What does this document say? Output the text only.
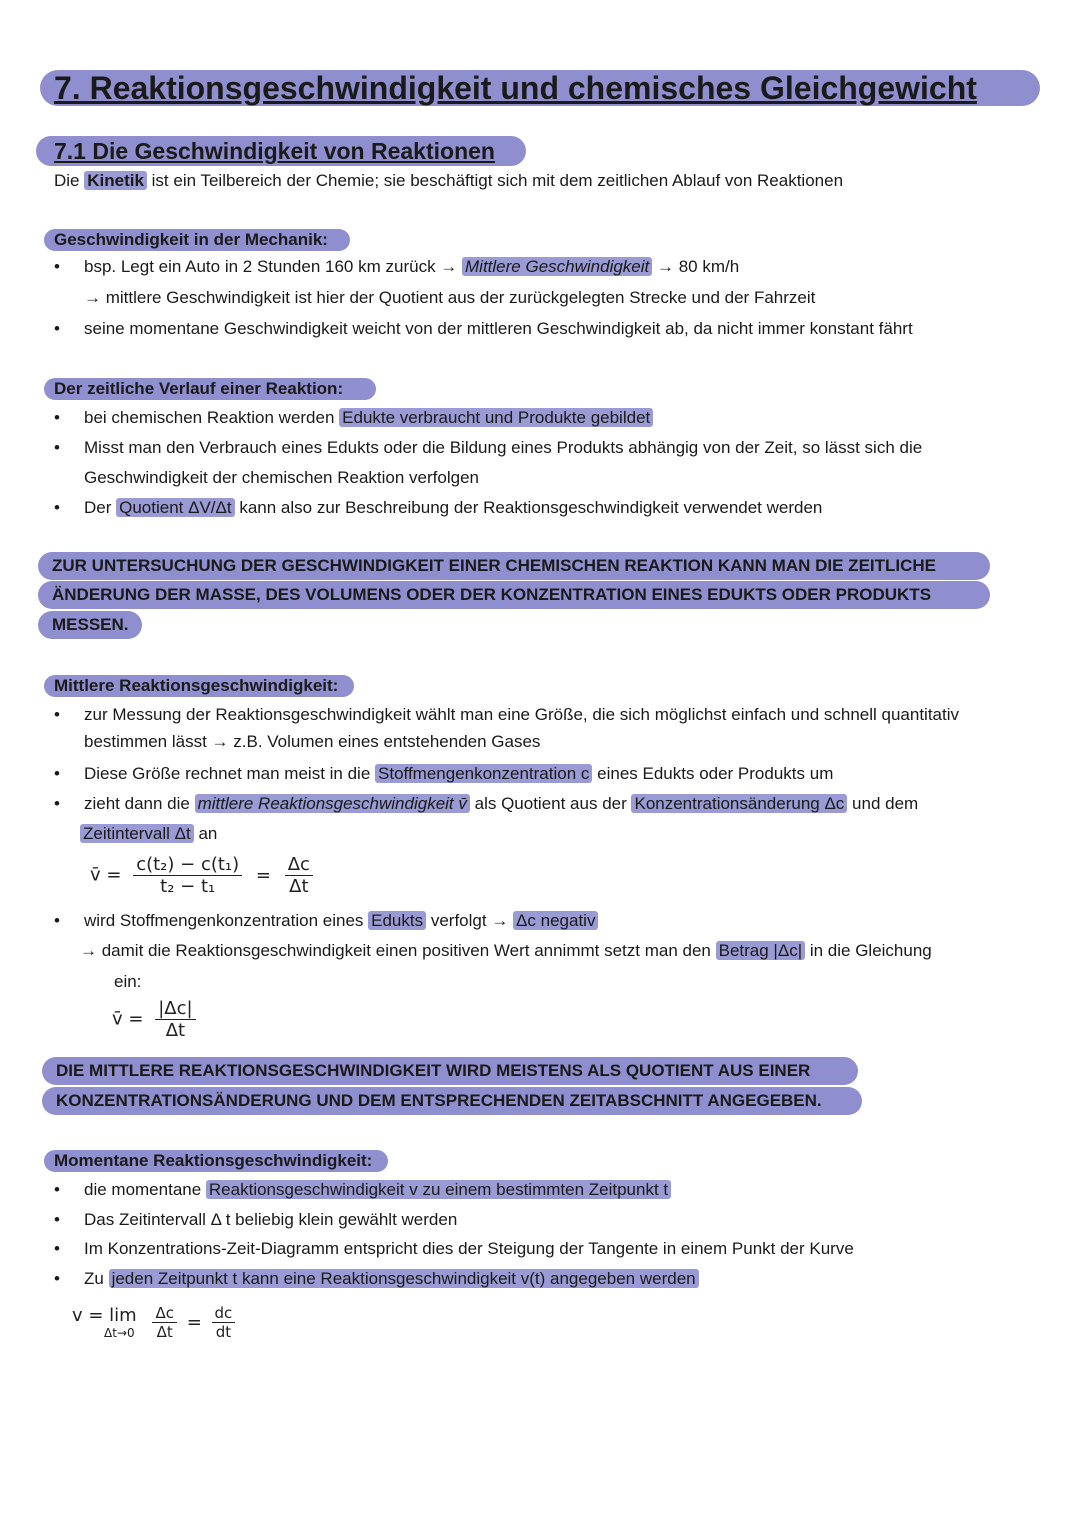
7. Reaktionsgeschwindigkeit und chemisches Gleichgewicht
7.1 Die Geschwindigkeit von Reaktionen
Die Kinetik ist ein Teilbereich der Chemie; sie beschäftigt sich mit dem zeitlichen Ablauf von Reaktionen
Geschwindigkeit in der Mechanik:
• bsp. Legt ein Auto in 2 Stunden 160 km zurück → Mittlere Geschwindigkeit → 80 km/h
→ mittlere Geschwindigkeit ist hier der Quotient aus der zurückgelegten Strecke und der Fahrzeit
• seine momentane Geschwindigkeit weicht von der mittleren Geschwindigkeit ab, da nicht immer konstant fährt
Der zeitliche Verlauf einer Reaktion:
• bei chemischen Reaktion werden Edukte verbraucht und Produkte gebildet
• Misst man den Verbrauch eines Edukts oder die Bildung eines Produkts abhängig von der Zeit, so lässt sich die
Geschwindigkeit der chemischen Reaktion verfolgen
• Der Quotient ΔV/Δt kann also zur Beschreibung der Reaktionsgeschwindigkeit verwendet werden
ZUR UNTERSUCHUNG DER GESCHWINDIGKEIT EINER CHEMISCHEN REAKTION KANN MAN DIE ZEITLICHE
ÄNDERUNG DER MASSE, DES VOLUMENS ODER DER KONZENTRATION EINES EDUKTS ODER PRODUKTS
MESSEN.
Mittlere Reaktionsgeschwindigkeit:
• zur Messung der Reaktionsgeschwindigkeit wählt man eine Größe, die sich möglichst einfach und schnell quantitativ
bestimmen lässt → z.B. Volumen eines entstehenden Gases
• Diese Größe rechnet man meist in die Stoffmengenkonzentration c eines Edukts oder Produkts um
• zieht dann die mittlere Reaktionsgeschwindigkeit v̄ als Quotient aus der Konzentrationsänderung Δc und dem
Zeitintervall Δt an
v̄ = $\frac{\text{c(t₂) − c(t₁)}}{\text{t₂ − t₁}} = \frac{\Delta c}{\Delta t}$
• wird Stoffmengenkonzentration eines Edukts verfolgt → Δc negativ
→ damit die Reaktionsgeschwindigkeit einen positiven Wert annimmt setzt man den Betrag |Δc| in die Gleichung
ein:
v̄ = $\frac{|\Delta c|}{\Delta t}$
DIE MITTLERE REAKTIONSGESCHWINDIGKEIT WIRD MEISTENS ALS QUOTIENT AUS EINER
KONZENTRATIONSÄNDERUNG UND DEM ENTSPRECHENDEN ZEITABSCHNITT ANGEGEBEN.
Momentane Reaktionsgeschwindigkeit:
• die momentane Reaktionsgeschwindigkeit v zu einem bestimmten Zeitpunkt t
• Das Zeitintervall Δ t beliebig klein gewählt werden
• Im Konzentrations-Zeit-Diagramm entspricht dies der Steigung der Tangente in einem Punkt der Kurve
• Zu jeden Zeitpunkt t kann eine Reaktionsgeschwindigkeit v(t) angegeben werden
v = lim
Δt→0
$\frac{\Delta c}{\Delta t} = \frac{dc}{dt}$
